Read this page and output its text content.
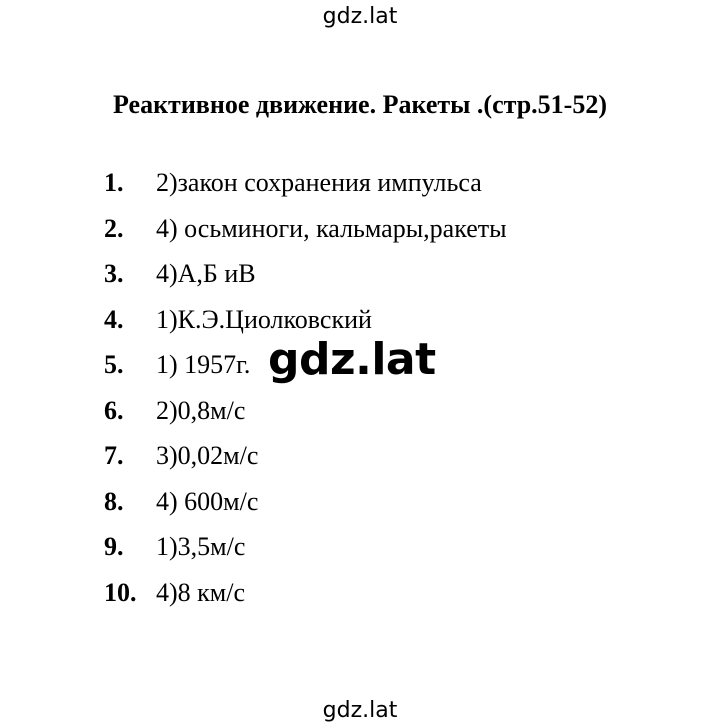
gdz.lat
Реактивное движение. Ракеты .(стр.51-52)
1. 2)закон сохранения импульса
2. 4) осьминоги, кальмары,ракеты
3. 4)А,Б иВ
4. 1)К.Э.Циолковский
5. 1) 1957г.
6. 2)0,8м/с
7. 3)0,02м/с
8. 4) 600м/с
9. 1)3,5м/с
10. 4)8 км/с
gdz.lat
gdz.lat
